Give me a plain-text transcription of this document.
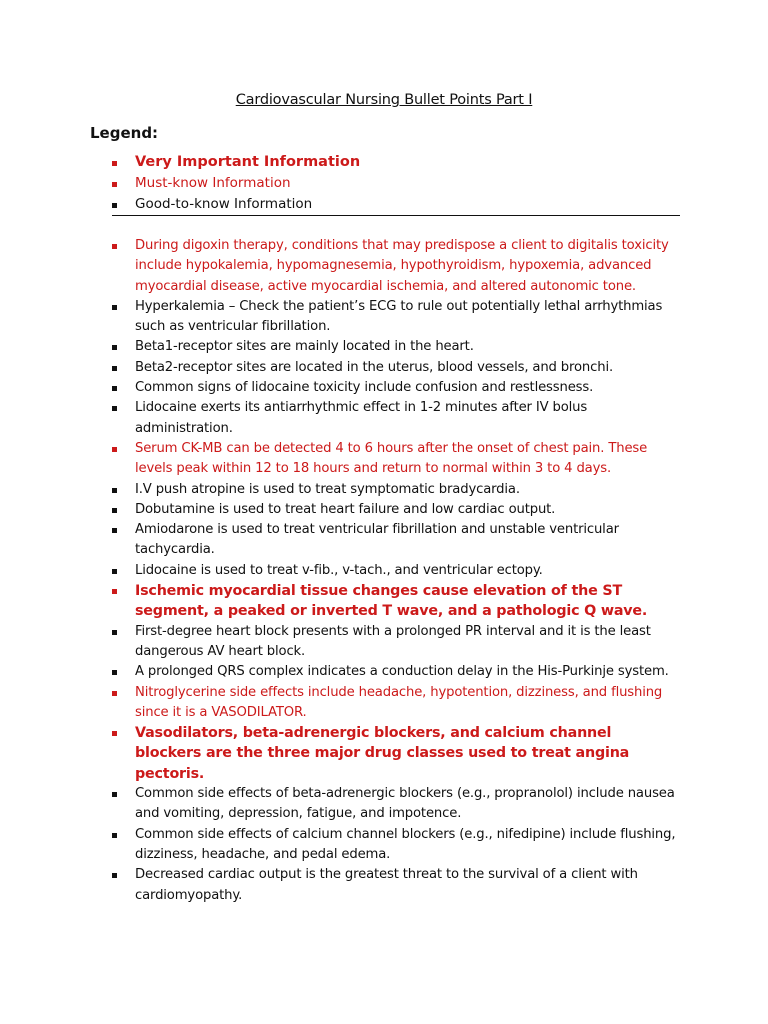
Cardiovascular Nursing Bullet Points Part I
Legend:
Very Important Information
Must-know Information
Good-to-know Information
During digoxin therapy, conditions that may predispose a client to digitalis toxicity include hypokalemia, hypomagnesemia, hypothyroidism, hypoxemia, advanced myocardial disease, active myocardial ischemia, and altered autonomic tone.
Hyperkalemia – Check the patient’s ECG to rule out potentially lethal arrhythmias such as ventricular fibrillation.
Beta1-receptor sites are mainly located in the heart.
Beta2-receptor sites are located in the uterus, blood vessels, and bronchi.
Common signs of lidocaine toxicity include confusion and restlessness.
Lidocaine exerts its antiarrhythmic effect in 1-2 minutes after IV bolus administration.
Serum CK-MB can be detected 4 to 6 hours after the onset of chest pain. These levels peak within 12 to 18 hours and return to normal within 3 to 4 days.
I.V push atropine is used to treat symptomatic bradycardia.
Dobutamine is used to treat heart failure and low cardiac output.
Amiodarone is used to treat ventricular fibrillation and unstable ventricular tachycardia.
Lidocaine is used to treat v-fib., v-tach., and ventricular ectopy.
Ischemic myocardial tissue changes cause elevation of the ST segment, a peaked or inverted T wave, and a pathologic Q wave.
First-degree heart block presents with a prolonged PR interval and it is the least dangerous AV heart block.
A prolonged QRS complex indicates a conduction delay in the His-Purkinje system.
Nitroglycerine side effects include headache, hypotention, dizziness, and flushing since it is a VASODILATOR.
Vasodilators, beta-adrenergic blockers, and calcium channel blockers are the three major drug classes used to treat angina pectoris.
Common side effects of beta-adrenergic blockers (e.g., propranolol) include nausea and vomiting, depression, fatigue, and impotence.
Common side effects of calcium channel blockers (e.g., nifedipine) include flushing, dizziness, headache, and pedal edema.
Decreased cardiac output is the greatest threat to the survival of a client with cardiomyopathy.
